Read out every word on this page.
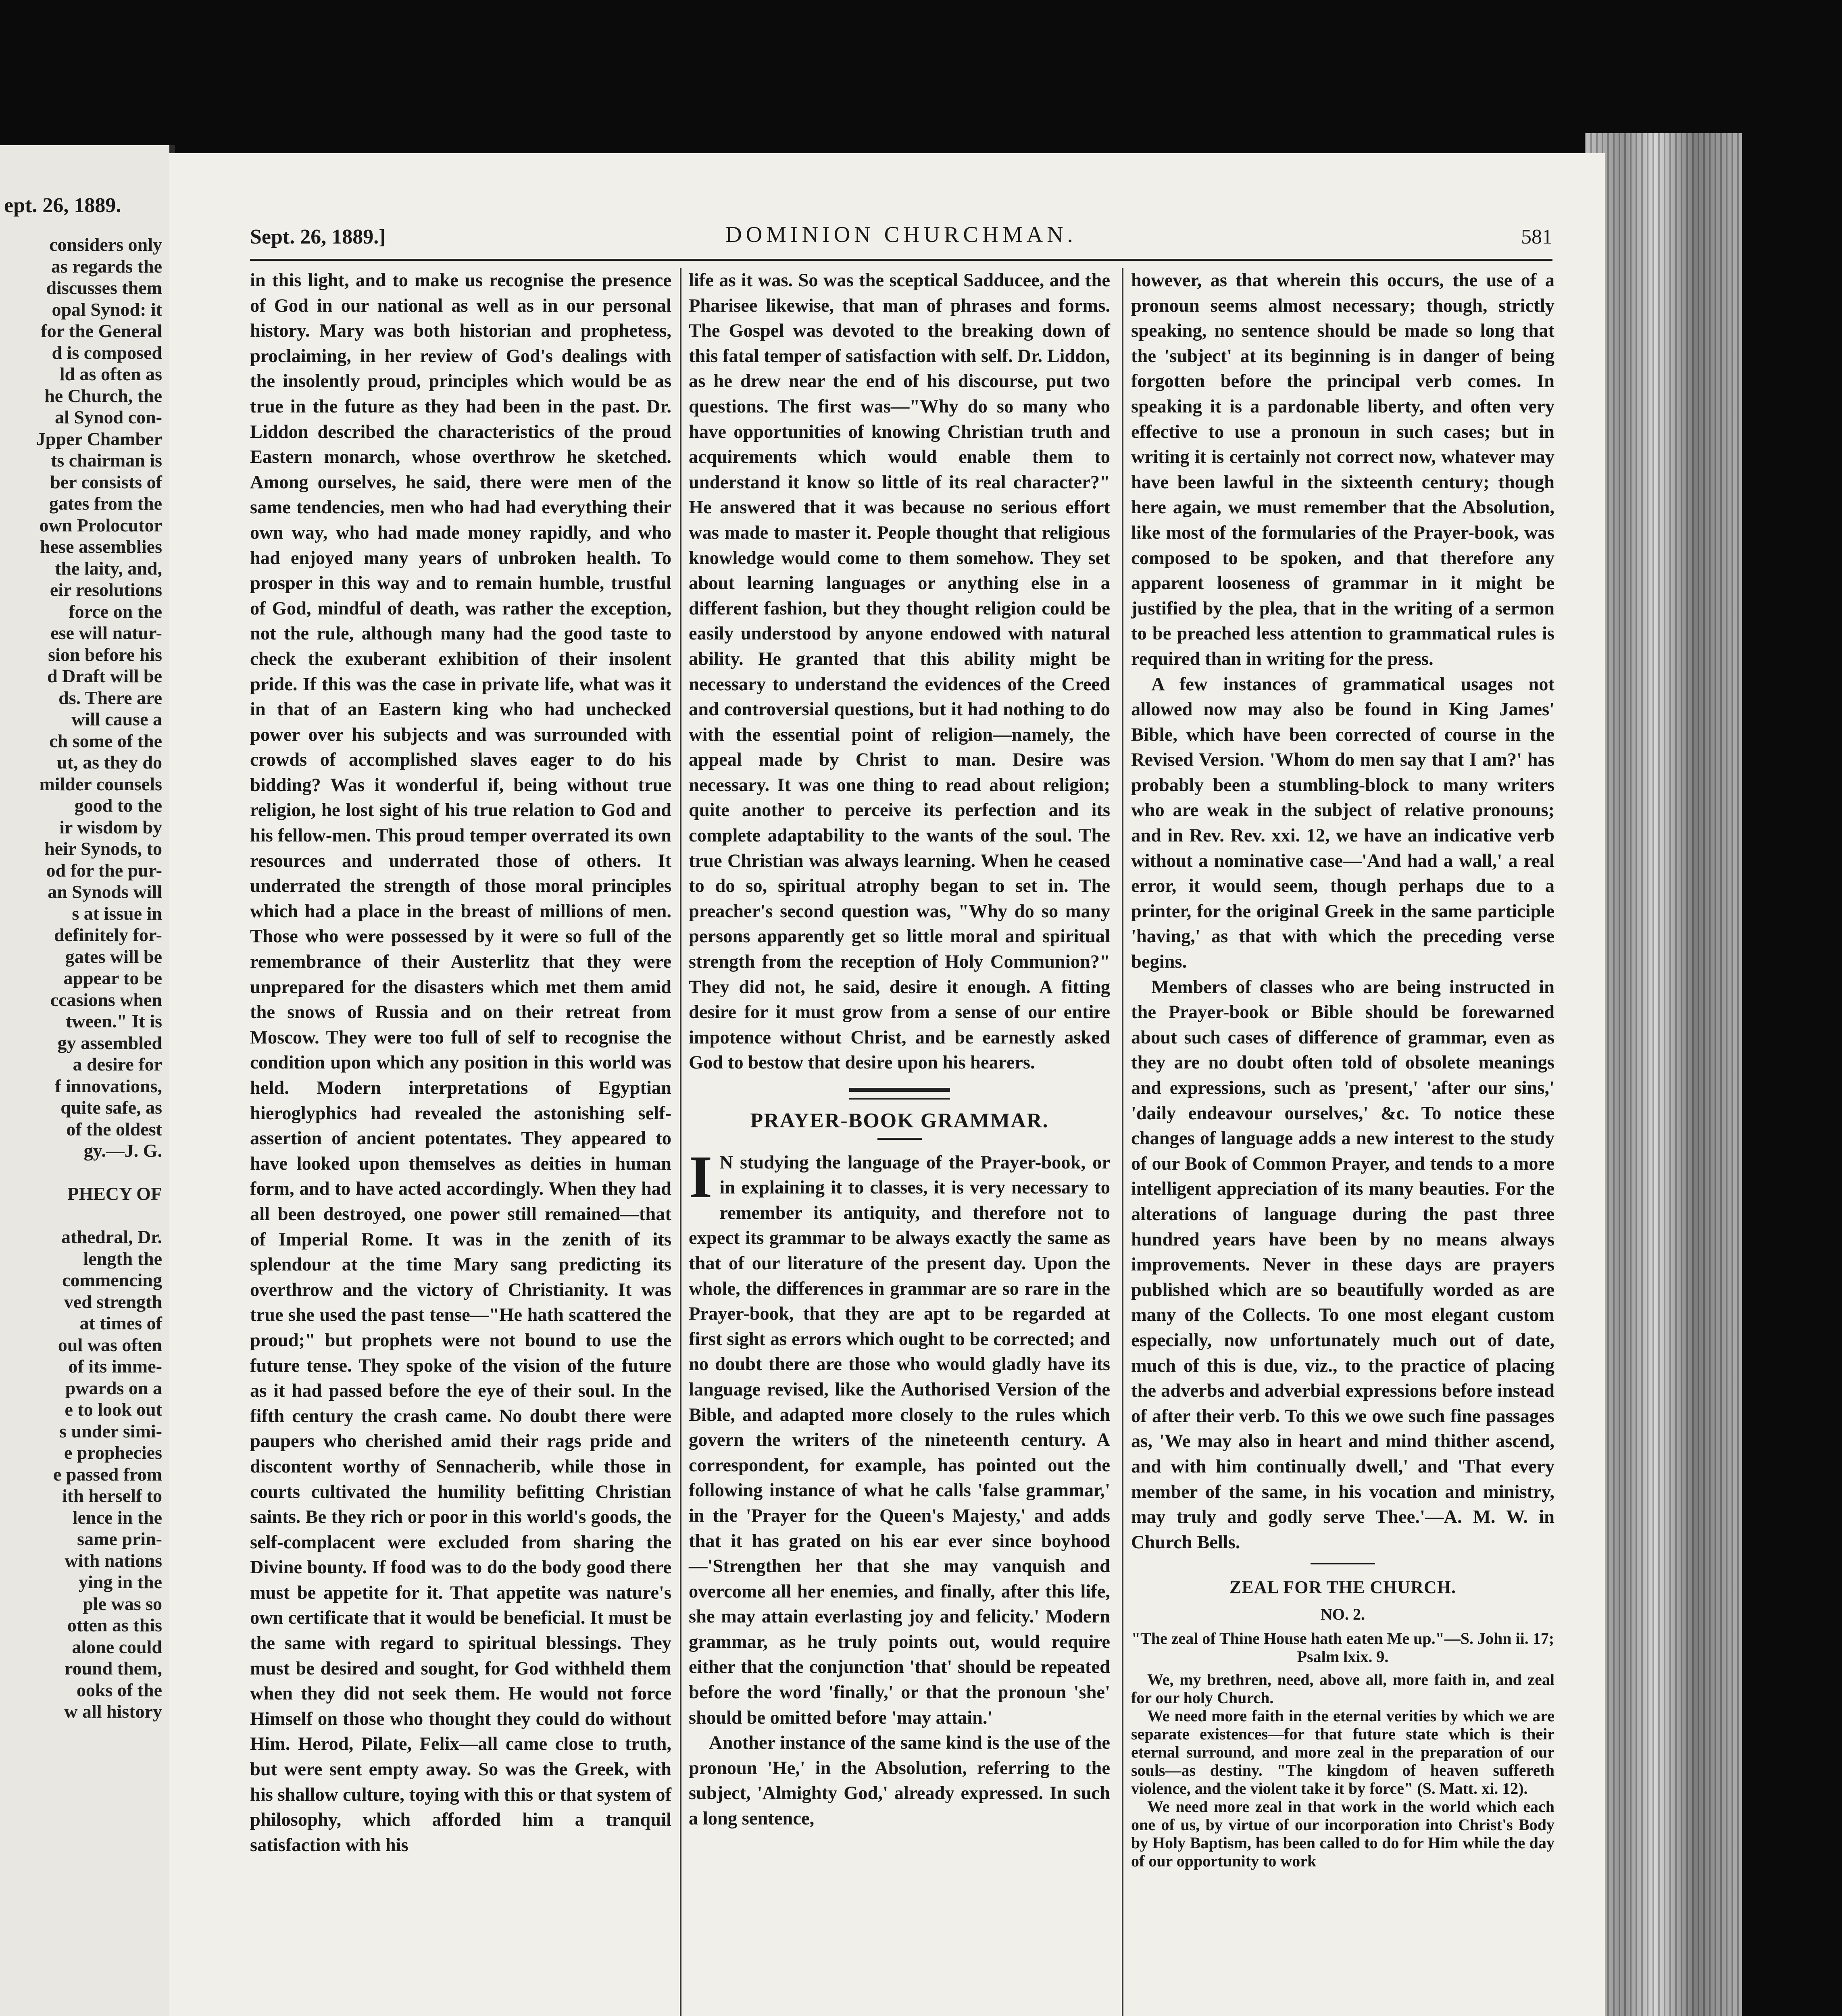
ept. 26, 1889.
considers only
as regards the
discusses them
opal Synod: it
for the General
d is composed
ld as often as
he Church, the
al Synod con-
Jpper Chamber
ts chairman is
ber consists of
gates from the
own Prolocutor
hese assemblies
the laity, and,
eir resolutions
force on the
ese will natur-
sion before his
d Draft will be
ds. There are
will cause a
ch some of the
ut, as they do
milder counsels
good to the
ir wisdom by
heir Synods, to
od for the pur-
an Synods will
s at issue in
definitely for-
gates will be
appear to be
ccasions when
tween." It is
gy assembled
a desire for
f innovations,
quite safe, as
of the oldest
gy.—J. G.

PHECY OF

athedral, Dr.
length the
commencing
ved strength
at times of
oul was often
of its imme-
pwards on a
e to look out
s under simi-
e prophecies
e passed from
ith herself to
lence in the
same prin-
with nations
ying in the
ple was so
otten as this
alone could
round them,
ooks of the
w all history
Sept. 26, 1889.]	DOMINION CHURCHMAN.	581

in this light, and to make us recognise the presence of God in our national as well as in our personal history. Mary was both historian and prophetess, proclaiming, in her review of God's dealings with the insolently proud, principles which would be as true in the future as they had been in the past. Dr. Liddon described the characteristics of the proud Eastern monarch, whose overthrow he sketched. Among ourselves, he said, there were men of the same tendencies, men who had had everything their own way, who had made money rapidly, and who had enjoyed many years of unbroken health. To prosper in this way and to remain humble, trustful of God, mindful of death, was rather the exception, not the rule, although many had the good taste to check the exuberant exhibition of their insolent pride. If this was the case in private life, what was it in that of an Eastern king who had unchecked power over his subjects and was surrounded with crowds of accomplished slaves eager to do his bidding? Was it wonderful if, being without true religion, he lost sight of his true relation to God and his fellow-men. This proud temper overrated its own resources and underrated those of others. It underrated the strength of those moral principles which had a place in the breast of millions of men. Those who were possessed by it were so full of the remembrance of their Austerlitz that they were unprepared for the disasters which met them amid the snows of Russia and on their retreat from Moscow. They were too full of self to recognise the condition upon which any position in this world was held. Modern interpretations of Egyptian hieroglyphics had revealed the astonishing self-assertion of ancient potentates. They appeared to have looked upon themselves as deities in human form, and to have acted accordingly. When they had all been destroyed, one power still remained—that of Imperial Rome. It was in the zenith of its splendour at the time Mary sang predicting its overthrow and the victory of Christianity. It was true she used the past tense—"He hath scattered the proud;" but prophets were not bound to use the future tense. They spoke of the vision of the future as it had passed before the eye of their soul. In the fifth century the crash came. No doubt there were paupers who cherished amid their rags pride and discontent worthy of Sennacherib, while those in courts cultivated the humility befitting Christian saints. Be they rich or poor in this world's goods, the self-complacent were excluded from sharing the Divine bounty. If food was to do the body good there must be appetite for it. That appetite was nature's own certificate that it would be beneficial. It must be the same with regard to spiritual blessings. They must be desired and sought, for God withheld them when they did not seek them. He would not force Himself on those who thought they could do without Him. Herod, Pilate, Felix—all came close to truth, but were sent empty away. So was the Greek, with his shallow culture, toying with this or that system of philosophy, which afforded him a tranquil satisfaction with his

life as it was. So was the sceptical Sadducee, and the Pharisee likewise, that man of phrases and forms. The Gospel was devoted to the breaking down of this fatal temper of satisfaction with self. Dr. Liddon, as he drew near the end of his discourse, put two questions. The first was—"Why do so many who have opportunities of knowing Christian truth and acquirements which would enable them to understand it know so little of its real character?" He answered that it was because no serious effort was made to master it. People thought that religious knowledge would come to them somehow. They set about learning languages or anything else in a different fashion, but they thought religion could be easily understood by anyone endowed with natural ability. He granted that this ability might be necessary to understand the evidences of the Creed and controversial questions, but it had nothing to do with the essential point of religion—namely, the appeal made by Christ to man. Desire was necessary. It was one thing to read about religion; quite another to perceive its perfection and its complete adaptability to the wants of the soul. The true Christian was always learning. When he ceased to do so, spiritual atrophy began to set in. The preacher's second question was, "Why do so many persons apparently get so little moral and spiritual strength from the reception of Holy Communion?" They did not, he said, desire it enough. A fitting desire for it must grow from a sense of our entire impotence without Christ, and be earnestly asked God to bestow that desire upon his hearers.

PRAYER-BOOK GRAMMAR.

IN studying the language of the Prayer-book, or in explaining it to classes, it is very necessary to remember its antiquity, and therefore not to expect its grammar to be always exactly the same as that of our literature of the present day. Upon the whole, the differences in grammar are so rare in the Prayer-book, that they are apt to be regarded at first sight as errors which ought to be corrected; and no doubt there are those who would gladly have its language revised, like the Authorised Version of the Bible, and adapted more closely to the rules which govern the writers of the nineteenth century. A correspondent, for example, has pointed out the following instance of what he calls 'false grammar,' in the 'Prayer for the Queen's Majesty,' and adds that it has grated on his ear ever since boyhood—'Strengthen her that she may vanquish and overcome all her enemies, and finally, after this life, she may attain everlasting joy and felicity.' Modern grammar, as he truly points out, would require either that the conjunction 'that' should be repeated before the word 'finally,' or that the pronoun 'she' should be omitted before 'may attain.'

Another instance of the same kind is the use of the pronoun 'He,' in the Absolution, referring to the subject, 'Almighty God,' already expressed. In such a long sentence,

however, as that wherein this occurs, the use of a pronoun seems almost necessary; though, strictly speaking, no sentence should be made so long that the 'subject' at its beginning is in danger of being forgotten before the principal verb comes. In speaking it is a pardonable liberty, and often very effective to use a pronoun in such cases; but in writing it is certainly not correct now, whatever may have been lawful in the sixteenth century; though here again, we must remember that the Absolution, like most of the formularies of the Prayer-book, was composed to be spoken, and that therefore any apparent looseness of grammar in it might be justified by the plea, that in the writing of a sermon to be preached less attention to grammatical rules is required than in writing for the press.

A few instances of grammatical usages not allowed now may also be found in King James' Bible, which have been corrected of course in the Revised Version. 'Whom do men say that I am?' has probably been a stumbling-block to many writers who are weak in the subject of relative pronouns; and in Rev. Rev. xxi. 12, we have an indicative verb without a nominative case—'And had a wall,' a real error, it would seem, though perhaps due to a printer, for the original Greek in the same participle 'having,' as that with which the preceding verse begins.

Members of classes who are being instructed in the Prayer-book or Bible should be forewarned about such cases of difference of grammar, even as they are no doubt often told of obsolete meanings and expressions, such as 'present,' 'after our sins,' 'daily endeavour ourselves,' &c. To notice these changes of language adds a new interest to the study of our Book of Common Prayer, and tends to a more intelligent appreciation of its many beauties. For the alterations of language during the past three hundred years have been by no means always improvements. Never in these days are prayers published which are so beautifully worded as are many of the Collects. To one most elegant custom especially, now unfortunately much out of date, much of this is due, viz., to the practice of placing the adverbs and adverbial expressions before instead of after their verb. To this we owe such fine passages as, 'We may also in heart and mind thither ascend, and with him continually dwell,' and 'That every member of the same, in his vocation and ministry, may truly and godly serve Thee.'—A. M. W. in Church Bells.

ZEAL FOR THE CHURCH.
NO. 2.

"The zeal of Thine House hath eaten Me up."—S. John ii. 17; Psalm lxix. 9.

We, my brethren, need, above all, more faith in, and zeal for our holy Church.

We need more faith in the eternal verities by which we are separate existences—for that future state which is their eternal surround, and more zeal in the preparation of our souls—as destiny. "The kingdom of heaven suffereth violence, and the violent take it by force" (S. Matt. xi. 12).

We need more zeal in that work in the world which each one of us, by virtue of our incorporation into Christ's Body by Holy Baptism, has been called to do for Him while the day of our opportunity to work
